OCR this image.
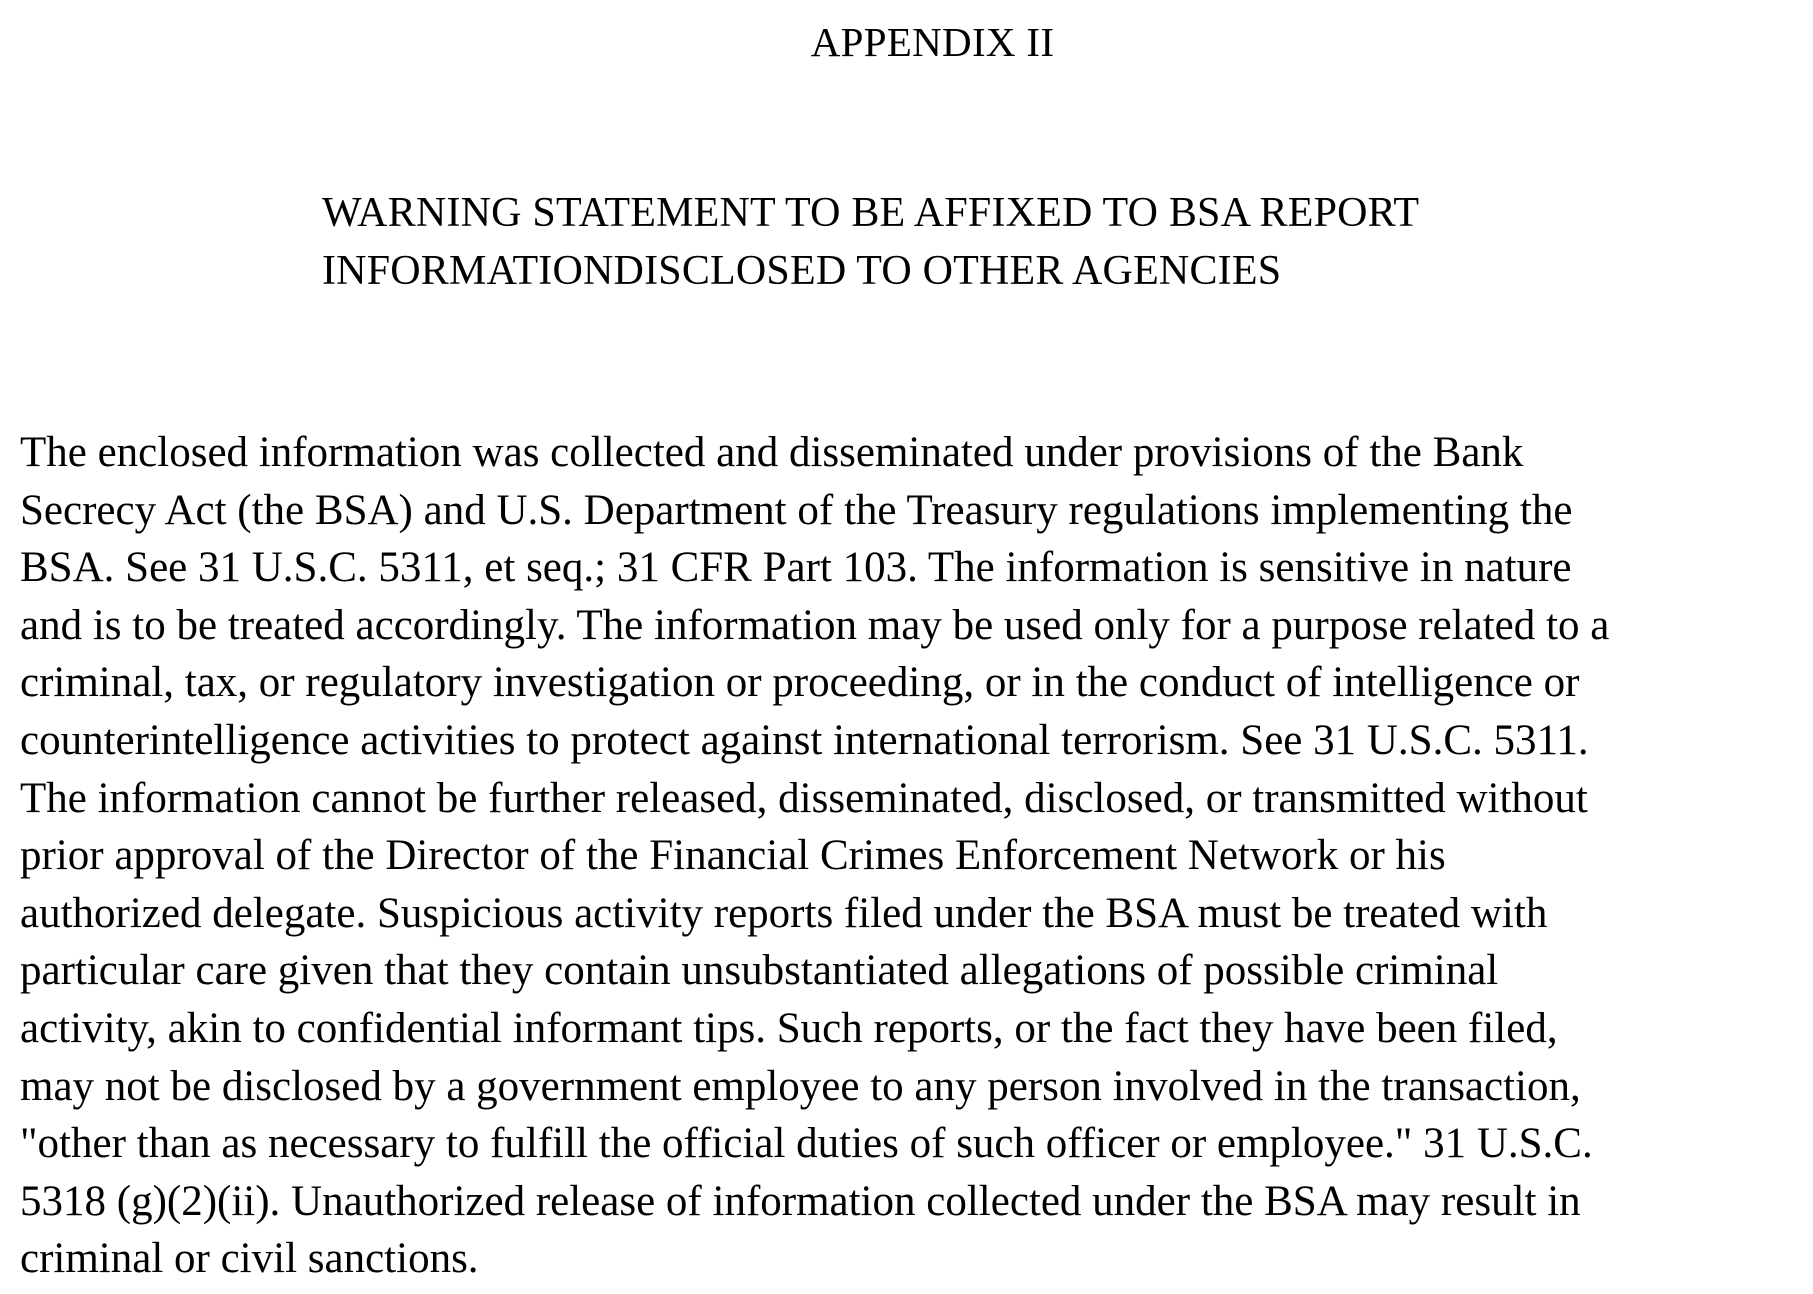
APPENDIX II
WARNING STATEMENT TO BE AFFIXED TO BSA REPORT
INFORMATIONDISCLOSED TO OTHER AGENCIES

The enclosed information was collected and disseminated under provisions of the Bank
Secrecy Act (the BSA) and U.S. Department of the Treasury regulations implementing the
BSA. See 31 U.S.C. 5311, et seq.; 31 CFR Part 103. The information is sensitive in nature
and is to be treated accordingly. The information may be used only for a purpose related to a
criminal, tax, or regulatory investigation or proceeding, or in the conduct of intelligence or
counterintelligence activities to protect against international terrorism. See 31 U.S.C. 5311.
The information cannot be further released, disseminated, disclosed, or transmitted without
prior approval of the Director of the Financial Crimes Enforcement Network or his
authorized delegate. Suspicious activity reports filed under the BSA must be treated with
particular care given that they contain unsubstantiated allegations of possible criminal
activity, akin to confidential informant tips. Such reports, or the fact they have been filed,
may not be disclosed by a government employee to any person involved in the transaction,
"other than as necessary to fulfill the official duties of such officer or employee." 31 U.S.C.
5318 (g)(2)(ii). Unauthorized release of information collected under the BSA may result in
criminal or civil sanctions.
